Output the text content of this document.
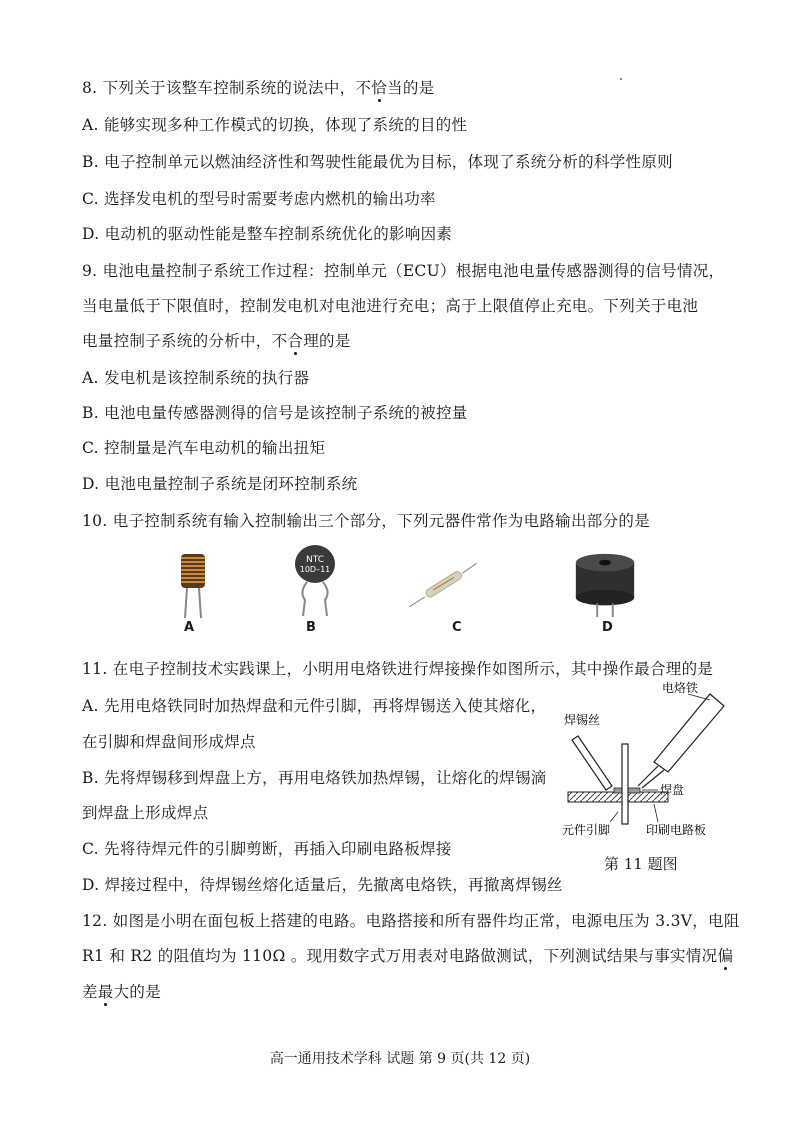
8. 下列关于该整车控制系统的说法中，不恰当的是
A. 能够实现多种工作模式的切换，体现了系统的目的性
B. 电子控制单元以燃油经济性和驾驶性能最优为目标，体现了系统分析的科学性原则
C. 选择发电机的型号时需要考虑内燃机的输出功率
D. 电动机的驱动性能是整车控制系统优化的影响因素
9. 电池电量控制子系统工作过程：控制单元（ECU）根据电池电量传感器测得的信号情况，
当电量低于下限值时，控制发电机对电池进行充电；高于上限值停止充电。下列关于电池
电量控制子系统的分析中，不合理的是
A. 发电机是该控制系统的执行器
B. 电池电量传感器测得的信号是该控制子系统的被控量
C. 控制量是汽车电动机的输出扭矩
D. 电池电量控制子系统是闭环控制系统
10. 电子控制系统有输入控制输出三个部分，下列元器件常作为电路输出部分的是
A
NTC
10D–11
B	C	D
11. 在电子控制技术实践课上，小明用电烙铁进行焊接操作如图所示，其中操作最合理的是
A. 先用电烙铁同时加热焊盘和元件引脚，再将焊锡送入使其熔化，
在引脚和焊盘间形成焊点
B. 先将焊锡移到焊盘上方，再用电烙铁加热焊锡，让熔化的焊锡滴
到焊盘上形成焊点
C. 先将待焊元件的引脚剪断，再插入印刷电路板焊接
D. 焊接过程中，待焊锡丝熔化适量后，先撤离电烙铁，再撤离焊锡丝
电烙铁
焊锡丝
焊盘
元件引脚	印刷电路板
第 11 题图
12. 如图是小明在面包板上搭建的电路。电路搭接和所有器件均正常，电源电压为 3.3V，电阻
R1 和 R2 的阻值均为 110Ω 。现用数字式万用表对电路做测试，下列测试结果与事实情况偏
差最大的是
高一通用技术学科 试题 第 9 页(共 12 页)
